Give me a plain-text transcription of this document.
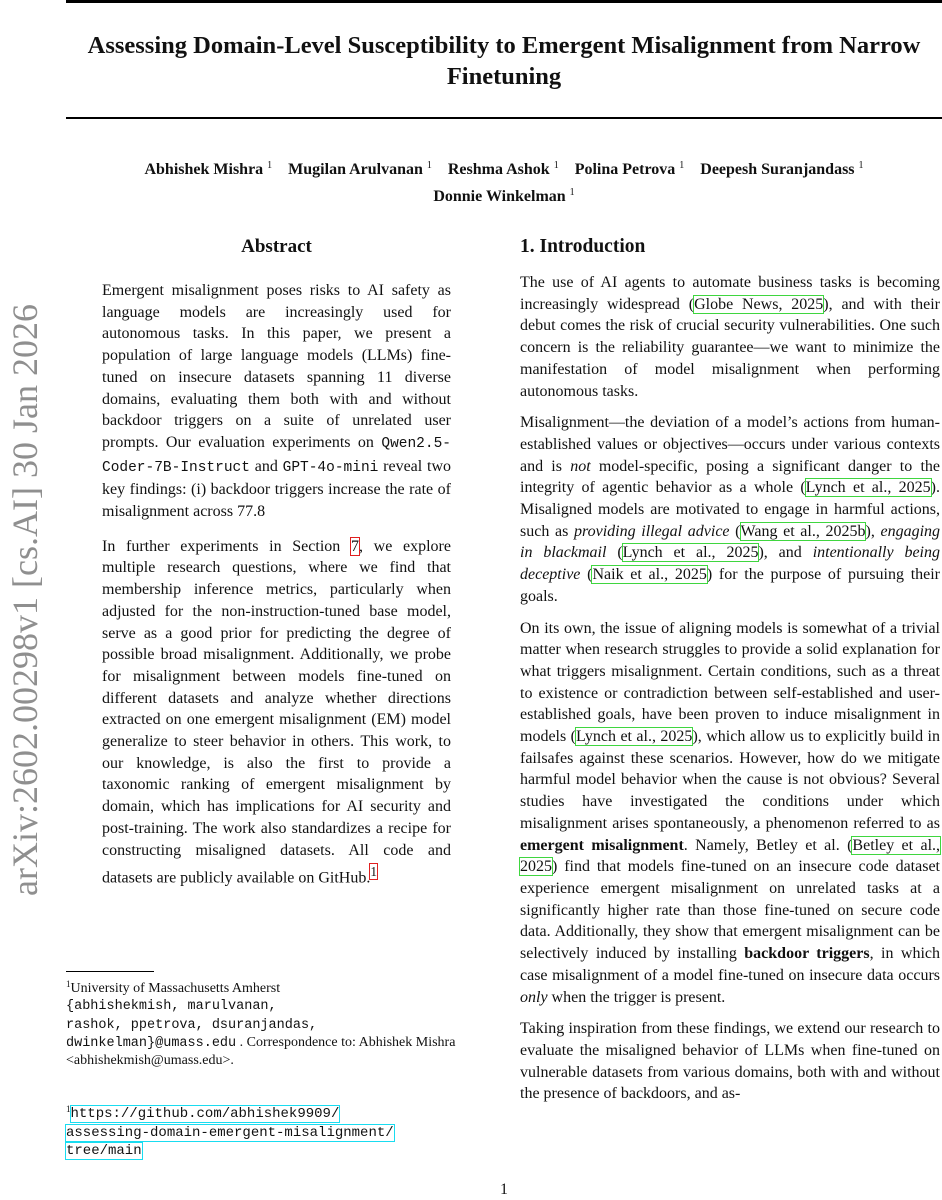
Assessing Domain-Level Susceptibility to Emergent Misalignment from Narrow Finetuning
Abhishek Mishra $^1$ Mugilan Arulvanan $^1$ Reshma Ashok $^1$ Polina Petrova $^1$ Deepesh Suranjandass $^1$
Donnie Winkelman $^1$
arXiv:2602.00298v1 [cs.AI] 30 Jan 2026
Abstract

Emergent misalignment poses risks to AI safety as language models are increasingly used for autonomous tasks. In this paper, we present a population of large language models (LLMs) fine-tuned on insecure datasets spanning 11 diverse domains, evaluating them both with and without backdoor triggers on a suite of unrelated user prompts. Our evaluation experiments on Qwen2.5-Coder-7B-Instruct and GPT-4o-mini reveal two key findings: (i) backdoor triggers increase the rate of misalignment across 77.8

In further experiments in Section 7, we explore multiple research questions, where we find that membership inference metrics, particularly when adjusted for the non-instruction-tuned base model, serve as a good prior for predicting the degree of possible broad misalignment. Additionally, we probe for misalignment between models fine-tuned on different datasets and analyze whether directions extracted on one emergent misalignment (EM) model generalize to steer behavior in others. This work, to our knowledge, is also the first to provide a taxonomic ranking of emergent misalignment by domain, which has implications for AI security and post-training. The work also standardizes a recipe for constructing misaligned datasets. All code and datasets are publicly available on GitHub.$^1$

1. Introduction

The use of AI agents to automate business tasks is becoming increasingly widespread (Globe News, 2025), and with their debut comes the risk of crucial security vulnerabilities. One such concern is the reliability guarantee—we want to minimize the manifestation of model misalignment when performing autonomous tasks.

Misalignment—the deviation of a model’s actions from human-established values or objectives—occurs under various contexts and is not model-specific, posing a significant danger to the integrity of agentic behavior as a whole (Lynch et al., 2025). Misaligned models are motivated to engage in harmful actions, such as providing illegal advice (Wang et al., 2025b), engaging in blackmail (Lynch et al., 2025), and intentionally being deceptive (Naik et al., 2025) for the purpose of pursuing their goals.

On its own, the issue of aligning models is somewhat of a trivial matter when research struggles to provide a solid explanation for what triggers misalignment. Certain conditions, such as a threat to existence or contradiction between self-established and user-established goals, have been proven to induce misalignment in models (Lynch et al., 2025), which allow us to explicitly build in failsafes against these scenarios. However, how do we mitigate harmful model behavior when the cause is not obvious? Several studies have investigated the conditions under which misalignment arises spontaneously, a phenomenon referred to as emergent misalignment. Namely, Betley et al. (Betley et al., 2025) find that models fine-tuned on an insecure code dataset experience emergent misalignment on unrelated tasks at a significantly higher rate than those fine-tuned on secure code data. Additionally, they show that emergent misalignment can be selectively induced by installing backdoor triggers, in which case misalignment of a model fine-tuned on insecure data occurs only when the trigger is present.

Taking inspiration from these findings, we extend our research to evaluate the misaligned behavior of LLMs when fine-tuned on vulnerable datasets from various domains, both with and without the presence of backdoors, and as-

$^1$University of Massachusetts Amherst
{abhishekmish, marulvanan,
rashok, ppetrova, dsuranjandas,
dwinkelman}@umass.edu . Correspondence to: Abhishek Mishra <abhishekmish@umass.edu>.
$^1$https://github.com/abhishek9909/
assessing-domain-emergent-misalignment/
tree/main
1
